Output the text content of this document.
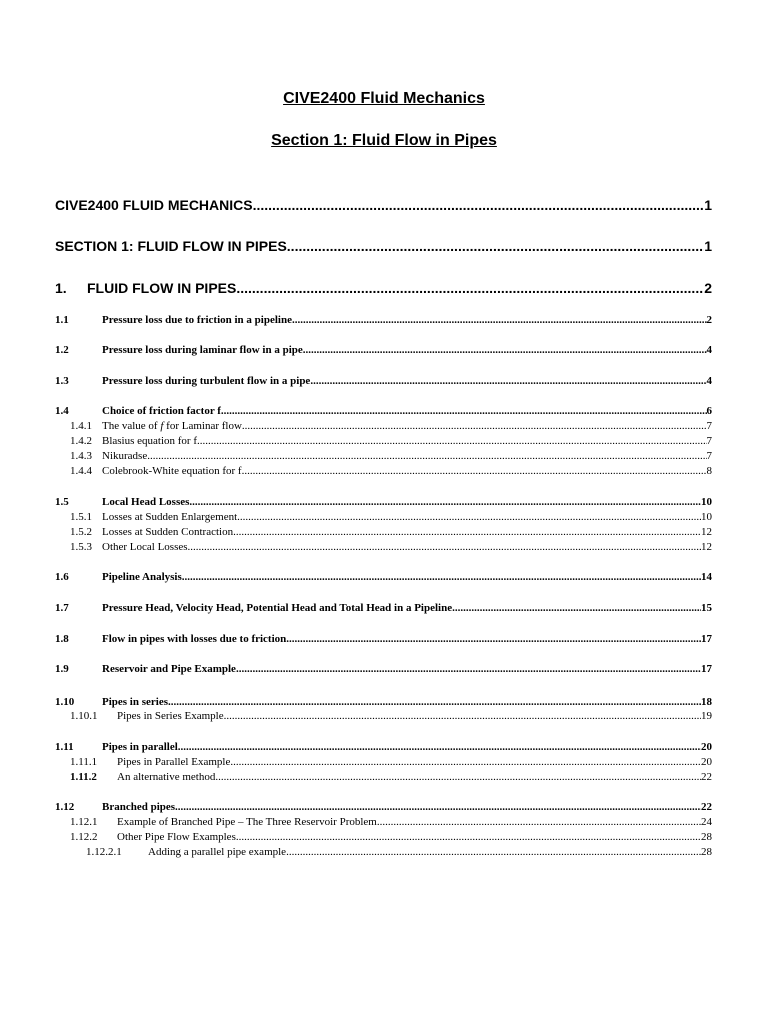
CIVE2400 Fluid Mechanics
Section 1: Fluid Flow in Pipes
CIVE2400 FLUID MECHANICS .....	1
SECTION 1: FLUID FLOW IN PIPES .....	1
1.	FLUID FLOW IN PIPES .....	2
1.1	Pressure loss due to friction in a pipeline. .....	2
1.2	Pressure loss during laminar flow in a pipe .....	4
1.3	Pressure loss during turbulent flow in a pipe .....	4
1.4	Choice of friction factor f .....	6
1.4.1 The value of f for Laminar flow .....	7
1.4.2 Blasius equation for f .....	7
1.4.3 Nikuradse .....	7
1.4.4 Colebrook-White equation for f .....	8
1.5	Local Head Losses .....	10
1.5.1 Losses at Sudden Enlargement .....	10
1.5.2 Losses at Sudden Contraction .....	12
1.5.3 Other Local Losses .....	12
1.6	Pipeline Analysis .....	14
1.7	Pressure Head, Velocity Head, Potential Head and Total Head in a Pipeline .....	15
1.8	Flow in pipes with losses due to friction. .....	17
1.9	Reservoir and Pipe Example .....	17
1.10	Pipes in series .....	18
1.10.1	Pipes in Series Example .....	19
1.11	Pipes in parallel .....	20
1.11.1	Pipes in Parallel Example .....	20
1.11.2	An alternative method .....	22
1.12	Branched pipes .....	22
1.12.1	Example of Branched Pipe – The Three Reservoir Problem .....	24
1.12.2	Other Pipe Flow Examples .....	28
1.12.2.1	Adding a parallel pipe example .....	28
